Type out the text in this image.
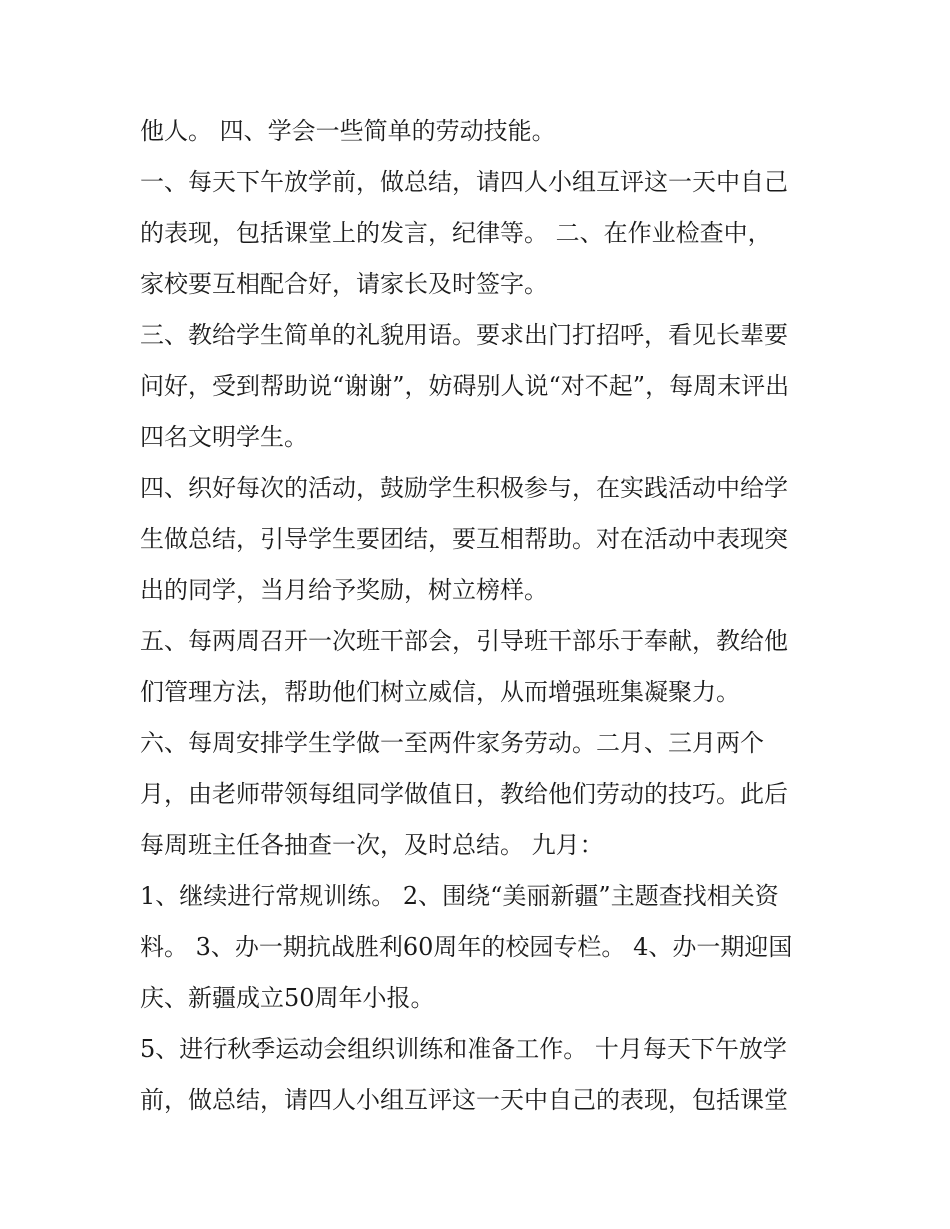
他人。 四、学会一些简单的劳动技能。
一、每天下午放学前，做总结，请四人小组互评这一天中自己
的表现，包括课堂上的发言，纪律等。 二、在作业检查中，
家校要互相配合好，请家长及时签字。
三、教给学生简单的礼貌用语。要求出门打招呼，看见长辈要
问好，受到帮助说“谢谢”，妨碍别人说“对不起”，每周末评出
四名文明学生。
四、织好每次的活动，鼓励学生积极参与，在实践活动中给学
生做总结，引导学生要团结，要互相帮助。对在活动中表现突
出的同学，当月给予奖励，树立榜样。
五、每两周召开一次班干部会，引导班干部乐于奉献，教给他
们管理方法，帮助他们树立威信，从而增强班集凝聚力。
六、每周安排学生学做一至两件家务劳动。二月、三月两个
月，由老师带领每组同学做值日，教给他们劳动的技巧。此后
每周班主任各抽查一次，及时总结。 九月：
1、继续进行常规训练。 2、围绕“美丽新疆”主题查找相关资
料。 3、办一期抗战胜利60周年的校园专栏。 4、办一期迎国
庆、新疆成立50周年小报。
5、进行秋季运动会组织训练和准备工作。 十月每天下午放学
前，做总结，请四人小组互评这一天中自己的表现，包括课堂
